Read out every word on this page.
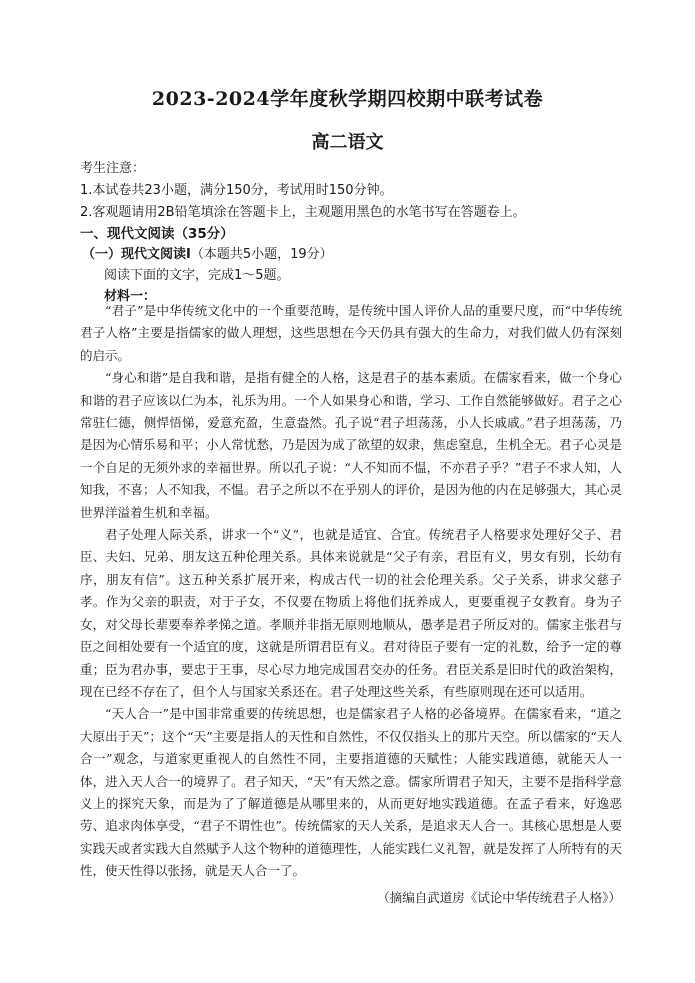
2023-2024学年度秋学期四校期中联考试卷
高二语文
考生注意：
1.本试卷共23小题，满分150分，考试用时150分钟。
2.客观题请用2B铅笔填涂在答题卡上，主观题用黑色的水笔书写在答题卷上。
一、现代文阅读（35分）
（一）现代文阅读Ⅰ（本题共5小题，19分）
阅读下面的文字，完成1～5题。
材料一：

“君子”是中华传统文化中的一个重要范畴，是传统中国人评价人品的重要尺度，而“中华传统君子人格”主要是指儒家的做人理想，这些思想在今天仍具有强大的生命力，对我们做人仍有深刻的启示。

“身心和谐”是自我和谐，是指有健全的人格，这是君子的基本素质。在儒家看来，做一个身心和谐的君子应该以仁为本，礼乐为用。一个人如果身心和谐，学习、工作自然能够做好。君子之心常驻仁德，侧悍悟悌，爱意充盈，生意盎然。孔子说“君子坦荡荡，小人长戚戚。”君子坦荡荡，乃是因为心情乐易和平；小人常忧愁，乃是因为成了欲望的奴隶，焦虑窒息，生机全无。君子心灵是一个自足的无须外求的幸福世界。所以孔子说：“人不知而不愠，不亦君子乎？”君子不求人知，人知我，不喜；人不知我，不愠。君子之所以不在乎别人的评价，是因为他的内在足够强大，其心灵世界洋溢着生机和幸福。

君子处理人际关系，讲求一个“义”，也就是适宜、合宜。传统君子人格要求处理好父子、君臣、夫妇、兄弟、朋友这五种伦理关系。具体来说就是“父子有亲，君臣有义，男女有别，长幼有序，朋友有信”。这五种关系扩展开来，构成古代一切的社会伦理关系。父子关系，讲求父慈子孝。作为父亲的职责，对于子女，不仅要在物质上将他们抚养成人，更要重视子女教育。身为子女，对父母长辈要奉养孝悌之道。孝顺并非指无原则地顺从，愚孝是君子所反对的。儒家主张君与臣之间相处要有一个适宜的度，这就是所谓君臣有义。君对待臣子要有一定的礼数，给予一定的尊重；臣为君办事，要忠于王事，尽心尽力地完成国君交办的任务。君臣关系是旧时代的政治架构，现在已经不存在了，但个人与国家关系还在。君子处理这些关系，有些原则现在还可以适用。

“天人合一”是中国非常重要的传统思想，也是儒家君子人格的必备境界。在儒家看来，“道之大原出于天”；这个“天”主要是指人的天性和自然性，不仅仅指头上的那片天空。所以儒家的“天人合一”观念，与道家更重视人的自然性不同，主要指道德的天赋性；人能实践道德，就能天人一体，进入天人合一的境界了。君子知天，“天”有天然之意。儒家所谓君子知天，主要不是指科学意义上的探究天象，而是为了了解道德是从哪里来的，从而更好地实践道德。在孟子看来，好逸恶劳、追求肉体享受，“君子不谓性也”。传统儒家的天人关系，是追求天人合一。其核心思想是人要实践天或者实践大自然赋予人这个物种的道德理性，人能实践仁义礼智，就是发挥了人所特有的天性，使天性得以张扬，就是天人合一了。

（摘编自武道房《试论中华传统君子人格》）
